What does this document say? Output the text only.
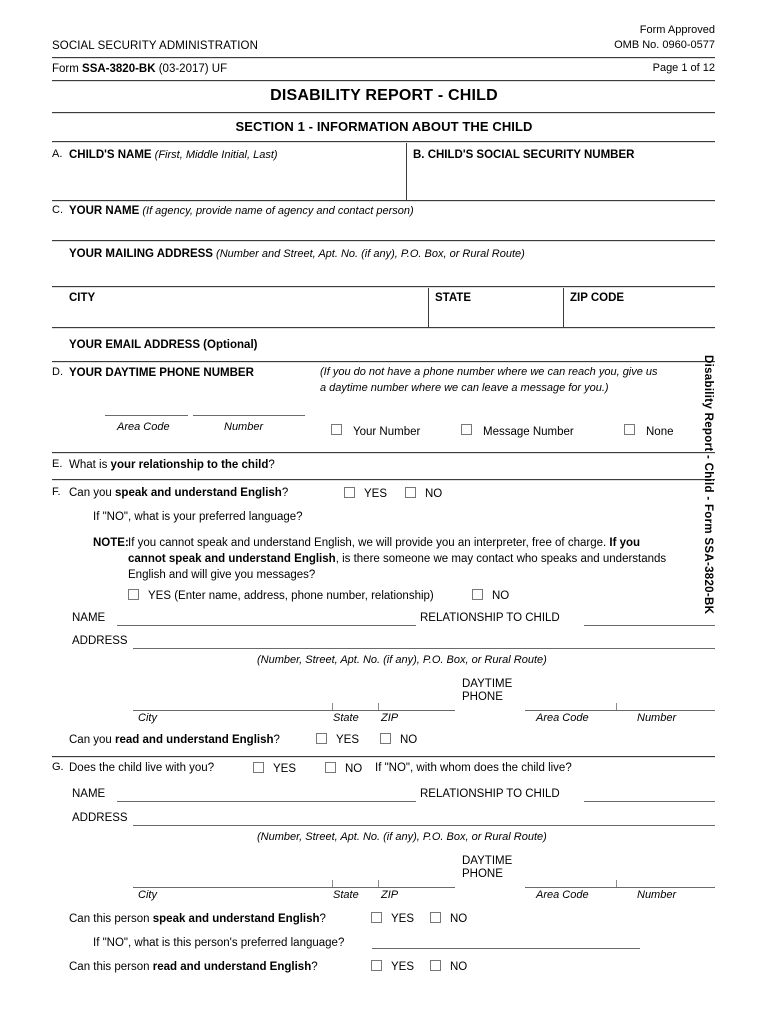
SOCIAL SECURITY ADMINISTRATION
Form Approved
OMB No. 0960-0577
Form SSA-3820-BK (03-2017) UF	Page 1 of 12
DISABILITY REPORT - CHILD
SECTION 1 - INFORMATION ABOUT THE CHILD
A. CHILD'S NAME (First, Middle Initial, Last)	B. CHILD'S SOCIAL SECURITY NUMBER
C. YOUR NAME (If agency, provide name of agency and contact person)
YOUR MAILING ADDRESS (Number and Street, Apt. No. (if any), P.O. Box, or Rural Route)
CITY	STATE	ZIP CODE
YOUR EMAIL ADDRESS (Optional)
D. YOUR DAYTIME PHONE NUMBER	(If you do not have a phone number where we can reach you, give us
a daytime number where we can leave a message for you.)
Area Code	Number	Your Number	Message Number	None
E. What is your relationship to the child?
F. Can you speak and understand English?	YES	NO
If "NO", what is your preferred language?
NOTE: If you cannot speak and understand English, we will provide you an interpreter, free of charge. If you
cannot speak and understand English, is there someone we may contact who speaks and understands
English and will give you messages?
YES (Enter name, address, phone number, relationship)	NO
NAME	RELATIONSHIP TO CHILD
ADDRESS
(Number, Street, Apt. No. (if any), P.O. Box, or Rural Route)
DAYTIME
PHONE
City	State ZIP	Area Code	Number
Can you read and understand English?	YES	NO
G. Does the child live with you?	YES	NO If "NO", with whom does the child live?
NAME	RELATIONSHIP TO CHILD
ADDRESS
(Number, Street, Apt. No. (if any), P.O. Box, or Rural Route)
DAYTIME
PHONE
City	State ZIP	Area Code	Number
Can this person speak and understand English?	YES	NO
If "NO", what is this person's preferred language?
Can this person read and understand English?	YES	NO
Disability Report - Child - Form SSA-3820-BK
